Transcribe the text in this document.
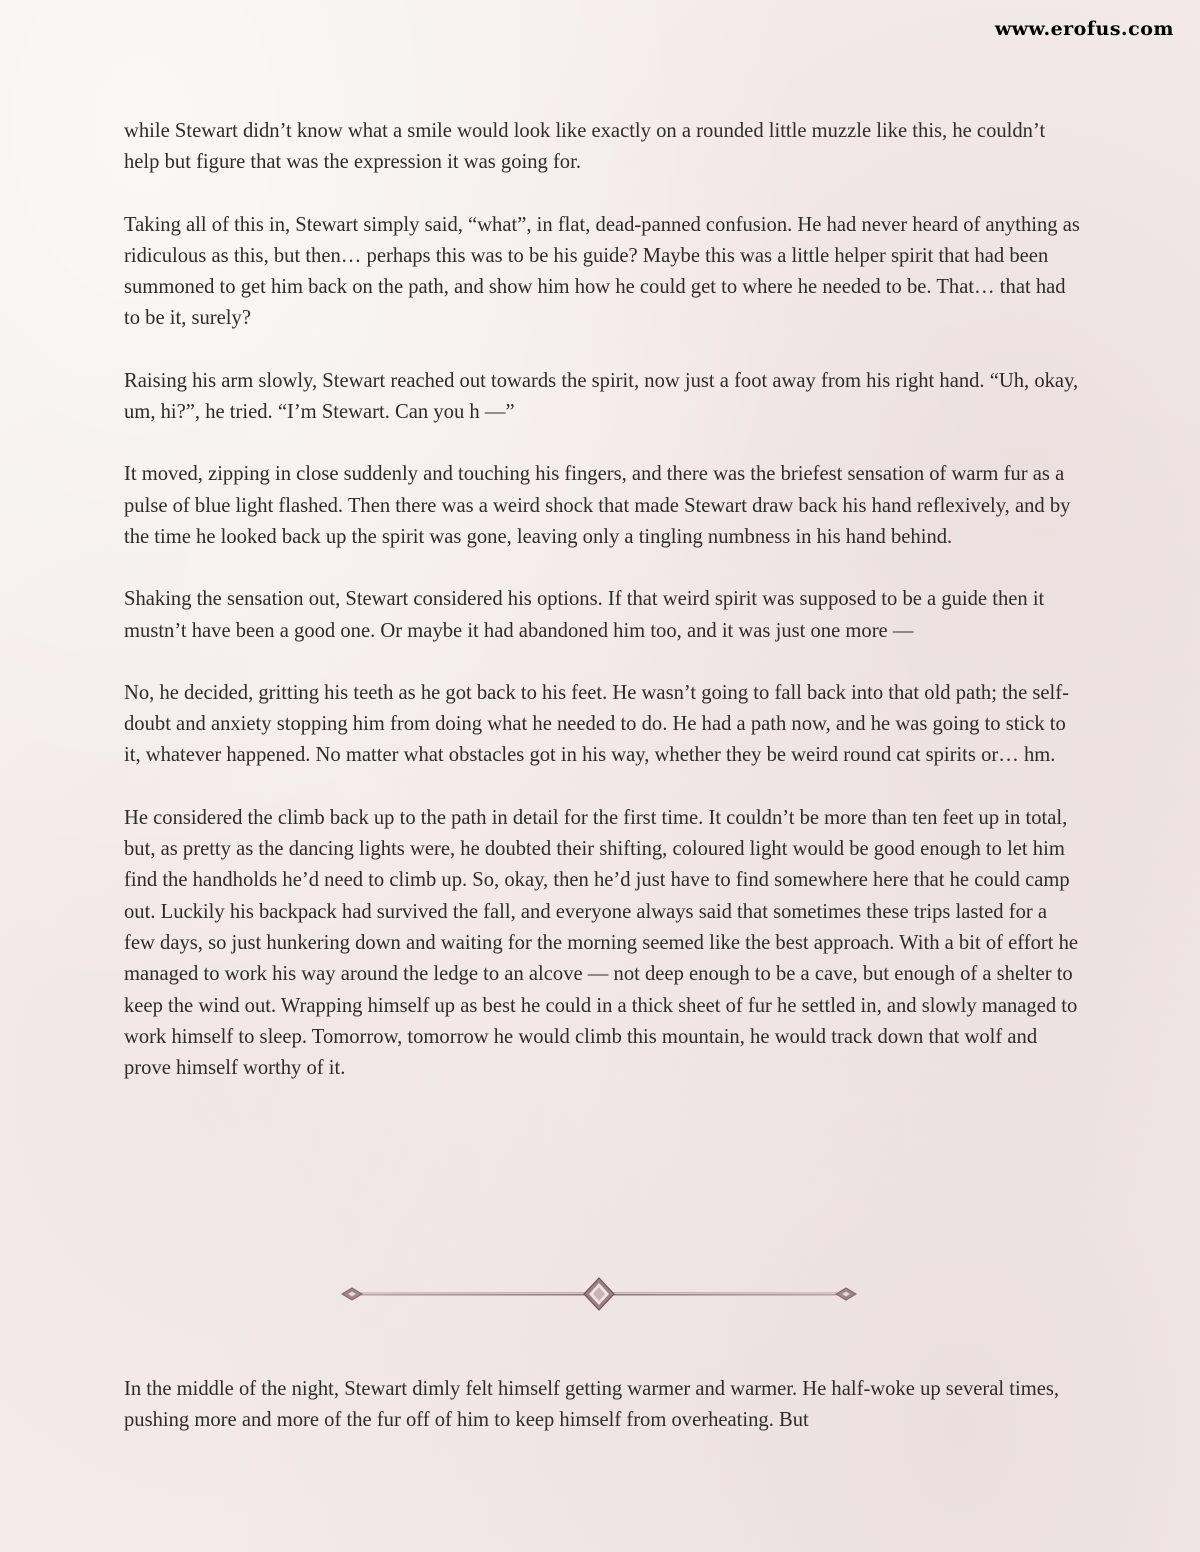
www.erofus.com

while Stewart didn’t know what a smile would look like exactly on a rounded little muzzle like this, he couldn’t help but figure that was the expression it was going for.

Taking all of this in, Stewart simply said, “what”, in flat, dead-panned confusion. He had never heard of anything as ridiculous as this, but then… perhaps this was to be his guide? Maybe this was a little helper spirit that had been summoned to get him back on the path, and show him how he could get to where he needed to be. That… that had to be it, surely?

Raising his arm slowly, Stewart reached out towards the spirit, now just a foot away from his right hand. “Uh, okay, um, hi?”, he tried. “I’m Stewart. Can you h —”

It moved, zipping in close suddenly and touching his fingers, and there was the briefest sensation of warm fur as a pulse of blue light flashed. Then there was a weird shock that made Stewart draw back his hand reflexively, and by the time he looked back up the spirit was gone, leaving only a tingling numbness in his hand behind.

Shaking the sensation out, Stewart considered his options. If that weird spirit was supposed to be a guide then it mustn’t have been a good one. Or maybe it had abandoned him too, and it was just one more —

No, he decided, gritting his teeth as he got back to his feet. He wasn’t going to fall back into that old path; the self-doubt and anxiety stopping him from doing what he needed to do. He had a path now, and he was going to stick to it, whatever happened. No matter what obstacles got in his way, whether they be weird round cat spirits or… hm.

He considered the climb back up to the path in detail for the first time. It couldn’t be more than ten feet up in total, but, as pretty as the dancing lights were, he doubted their shifting, coloured light would be good enough to let him find the handholds he’d need to climb up. So, okay, then he’d just have to find somewhere here that he could camp out. Luckily his backpack had survived the fall, and everyone always said that sometimes these trips lasted for a few days, so just hunkering down and waiting for the morning seemed like the best approach. With a bit of effort he managed to work his way around the ledge to an alcove — not deep enough to be a cave, but enough of a shelter to keep the wind out. Wrapping himself up as best he could in a thick sheet of fur he settled in, and slowly managed to work himself to sleep. Tomorrow, tomorrow he would climb this mountain, he would track down that wolf and prove himself worthy of it.

In the middle of the night, Stewart dimly felt himself getting warmer and warmer. He half-woke up several times, pushing more and more of the fur off of him to keep himself from overheating. But
